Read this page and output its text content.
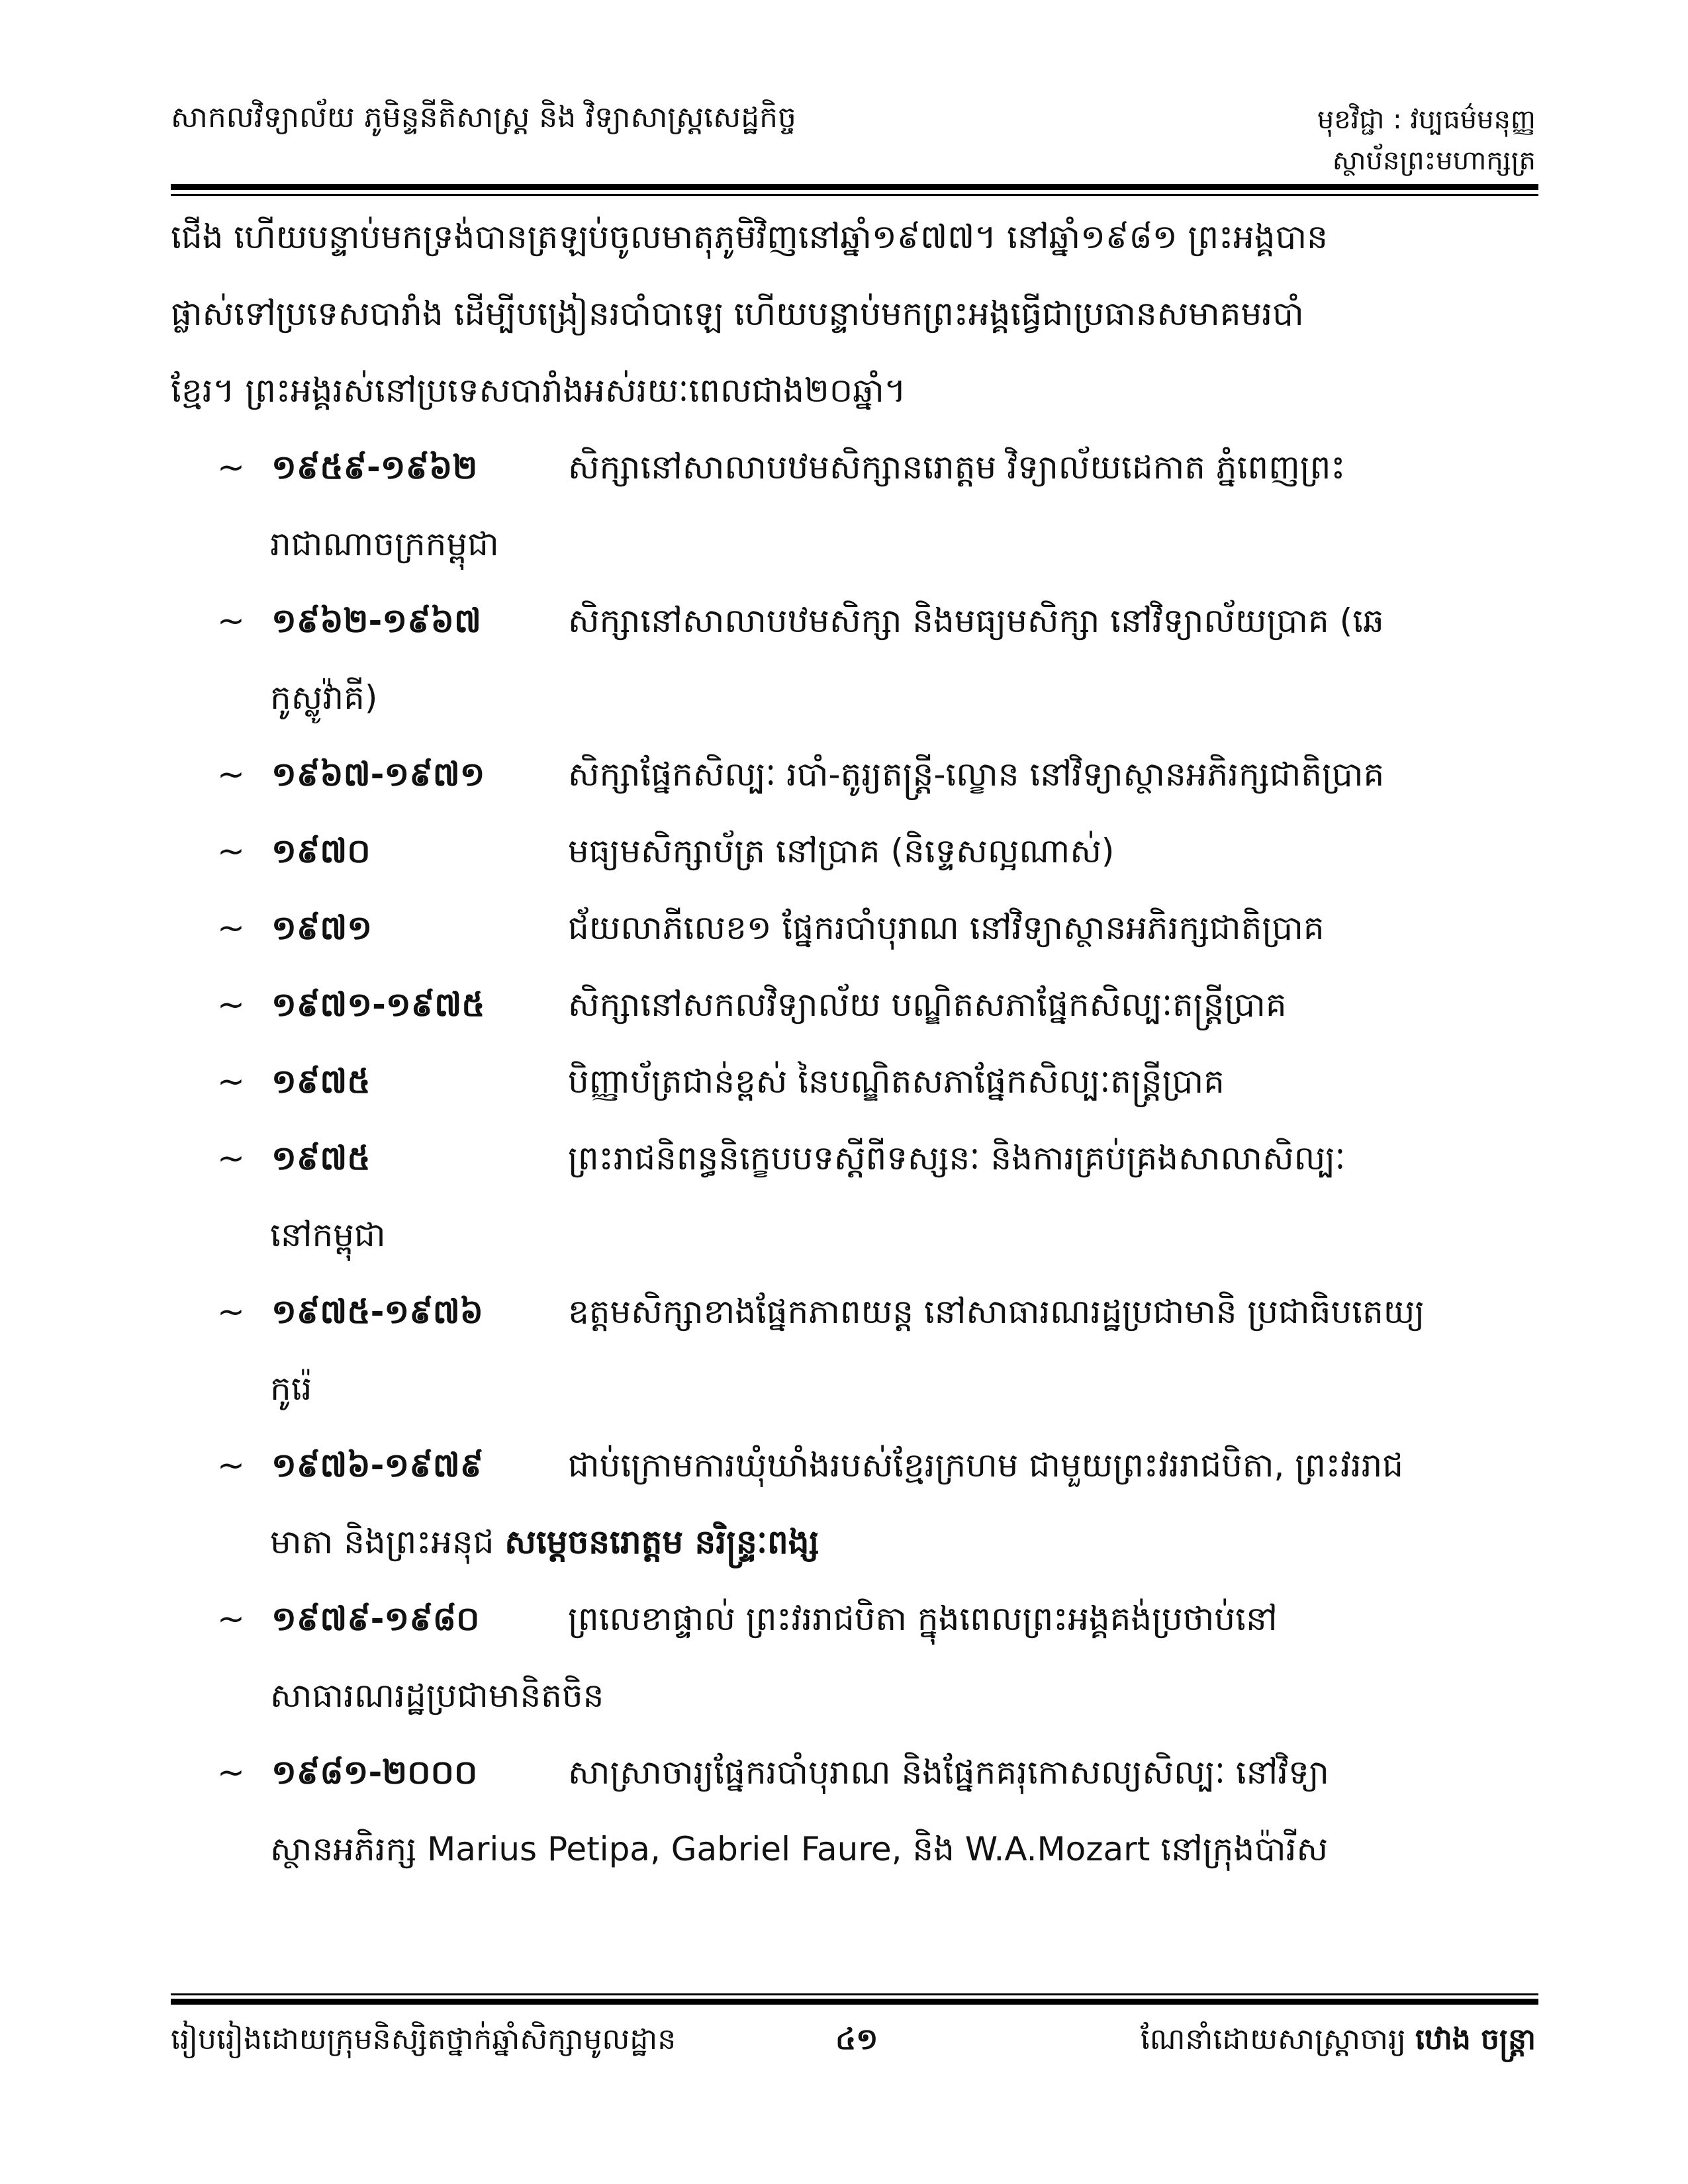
សាកលវិទ្យាល័យ ភូមិន្ទនីតិសាស្ត្រ និង វិទ្យាសាស្ត្រសេដ្ឋកិច្ច	មុខវិជ្ជា : វប្បធម៌មនុញ្ញ
ស្ថាប័នព្រះមហាក្សត្រ

ជើង ហើយបន្ទាប់មកទ្រង់បានត្រឡប់ចូលមាតុភូមិវិញនៅឆ្នាំ១៩៧៧។ នៅឆ្នាំ១៩៨១ ព្រះអង្គបាន
ផ្លាស់ទៅប្រទេសបារាំង ដើម្បីបង្រៀនរបាំបាឡេ ហើយបន្ទាប់មកព្រះអង្គធ្វើជាប្រធានសមាគមរបាំ
ខ្មែរ។ ព្រះអង្គរស់នៅប្រទេសបារាំងអស់រយៈពេលជាង២០ឆ្នាំ។

~ ១៩៥៩-១៩៦២	សិក្សានៅសាលាបឋមសិក្សានរោត្តម វិទ្យាល័យដេកាត ភ្នំពេញព្រះ
រាជាណាចក្រកម្ពុជា
~ ១៩៦២-១៩៦៧	សិក្សានៅសាលាបឋមសិក្សា និងមធ្យមសិក្សា នៅវិទ្យាល័យប្រាគ (ឆេ
កូស្លូវ៉ាគី)
~ ១៩៦៧-១៩៧១	សិក្សាផ្នែកសិល្បៈ របាំ-តូរ្យតន្ត្រី-ល្ខោន នៅវិទ្យាស្ថានអភិរក្សជាតិប្រាគ
~ ១៩៧០	មធ្យមសិក្សាប័ត្រ នៅប្រាគ (និទ្ទេសល្អណាស់)
~ ១៩៧១	ជ័យលាភីលេខ១ ផ្នែករបាំបុរាណ នៅវិទ្យាស្ថានអភិរក្សជាតិប្រាគ
~ ១៩៧១-១៩៧៥	សិក្សានៅសកលវិទ្យាល័យ បណ្ឌិតសភាផ្នែកសិល្បៈតន្ត្រីប្រាគ
~ ១៩៧៥	បិញ្ញាប័ត្រជាន់ខ្ពស់ នៃបណ្ឌិតសភាផ្នែកសិល្បៈតន្ត្រីប្រាគ
~ ១៩៧៥	ព្រះរាជនិពន្ធនិក្ខេបបទស្ដីពីទស្សនៈ និងការគ្រប់គ្រងសាលាសិល្បៈ
នៅកម្ពុជា
~ ១៩៧៥-១៩៧៦	ឧត្ដមសិក្សាខាងផ្នែកភាពយន្ត នៅសាធារណរដ្ឋប្រជាមានិ ប្រជាធិបតេយ្យ
កូរ៉េ
~ ១៩៧៦-១៩៧៩	ជាប់ក្រោមការឃុំឃាំងរបស់ខ្មែរក្រហម ជាមួយព្រះវររាជបិតា, ព្រះវររាជ
មាតា និងព្រះអនុជ សម្ដេចនរោត្តម នរិន្ទ្រៈពង្ស
~ ១៩៧៩-១៩៨០	ព្រលេខាផ្ទាល់ ព្រះវររាជបិតា ក្នុងពេលព្រះអង្គគង់ប្រថាប់នៅ
សាធារណរដ្ឋប្រជាមានិតចិន
~ ១៩៨១-២០០០	សាស្រាចារ្យផ្នែករបាំបុរាណ និងផ្នែកគរុកោសល្យសិល្បៈ នៅវិទ្យា
ស្ថានអភិរក្ស Marius Petipa, Gabriel Faure, និង W.A.Mozart នៅក្រុងប៉ារីស
រៀបរៀងដោយក្រុមនិស្សិតថ្នាក់ឆ្នាំសិក្សាមូលដ្ឋាន	៤១	ណែនាំដោយសាស្ត្រាចារ្យ ឋោង ចន្ត្រា
